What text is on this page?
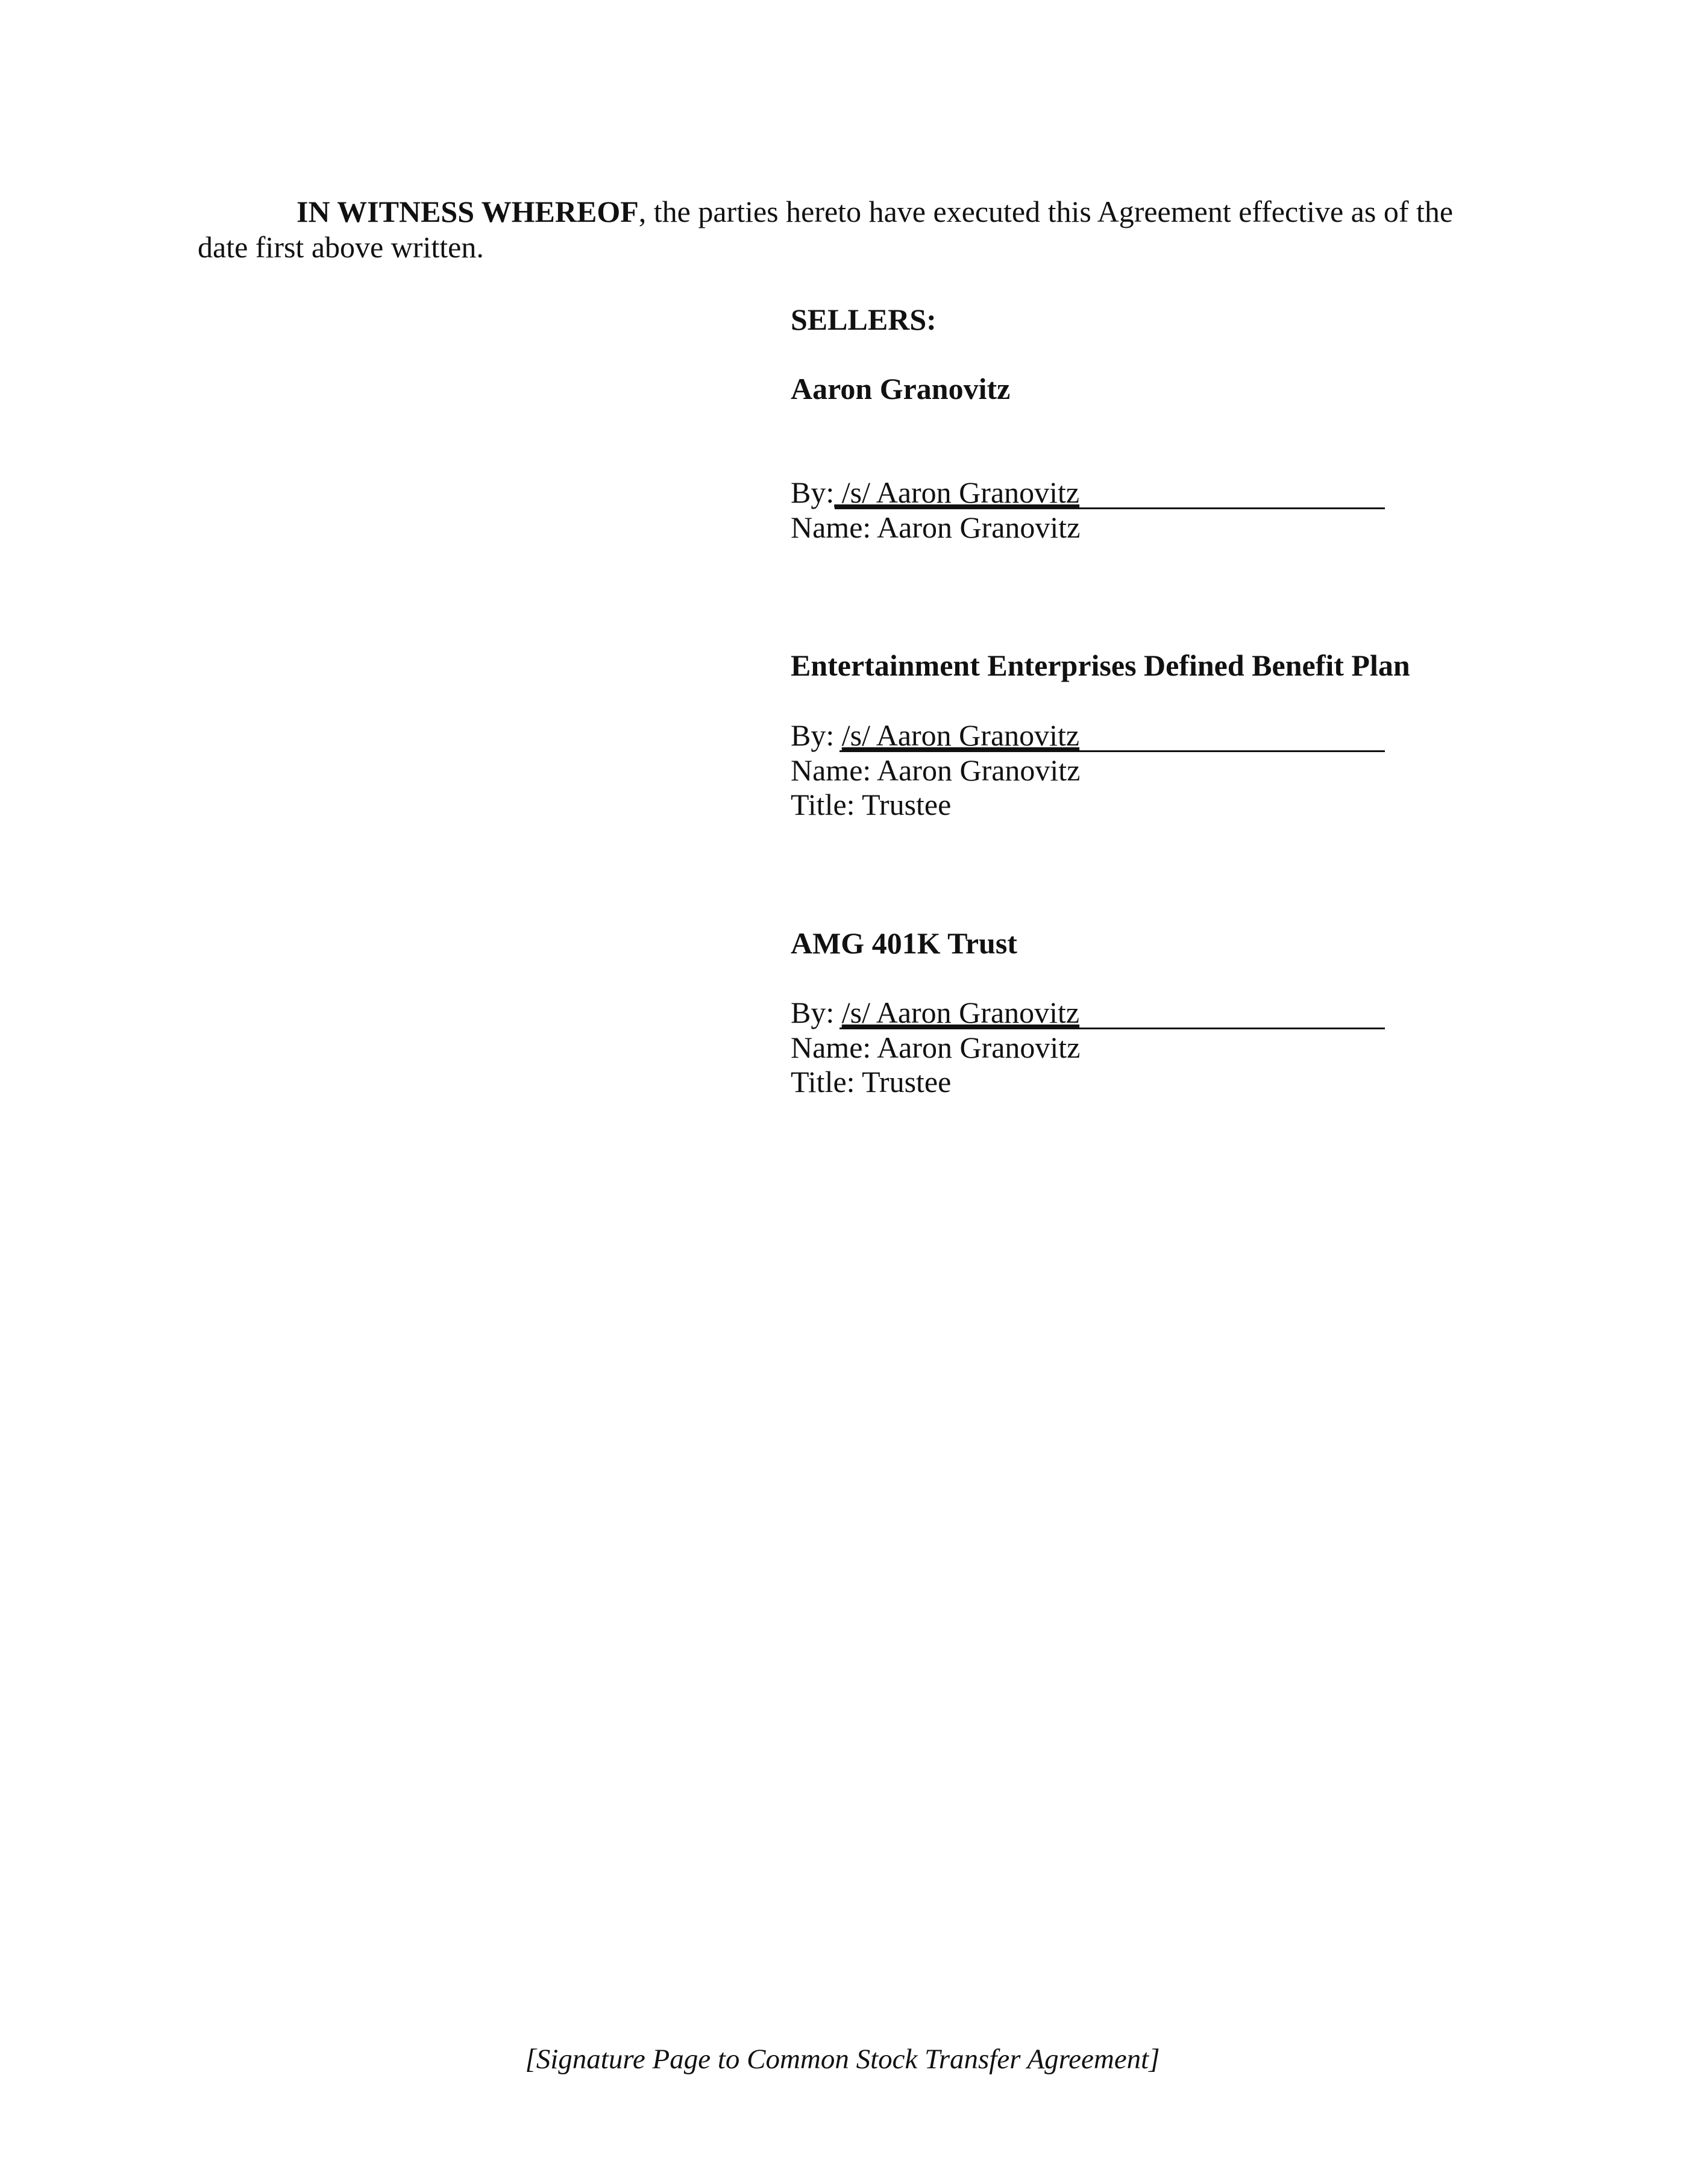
IN WITNESS WHEREOF, the parties hereto have executed this Agreement effective as of the
date first above written.
SELLERS:
Aaron Granovitz
By: /s/ Aaron Granovitz
Name: Aaron Granovitz
Entertainment Enterprises Defined Benefit Plan
By: /s/ Aaron Granovitz
Name: Aaron Granovitz
Title: Trustee
AMG 401K Trust
By: /s/ Aaron Granovitz
Name: Aaron Granovitz
Title: Trustee
[Signature Page to Common Stock Transfer Agreement]
